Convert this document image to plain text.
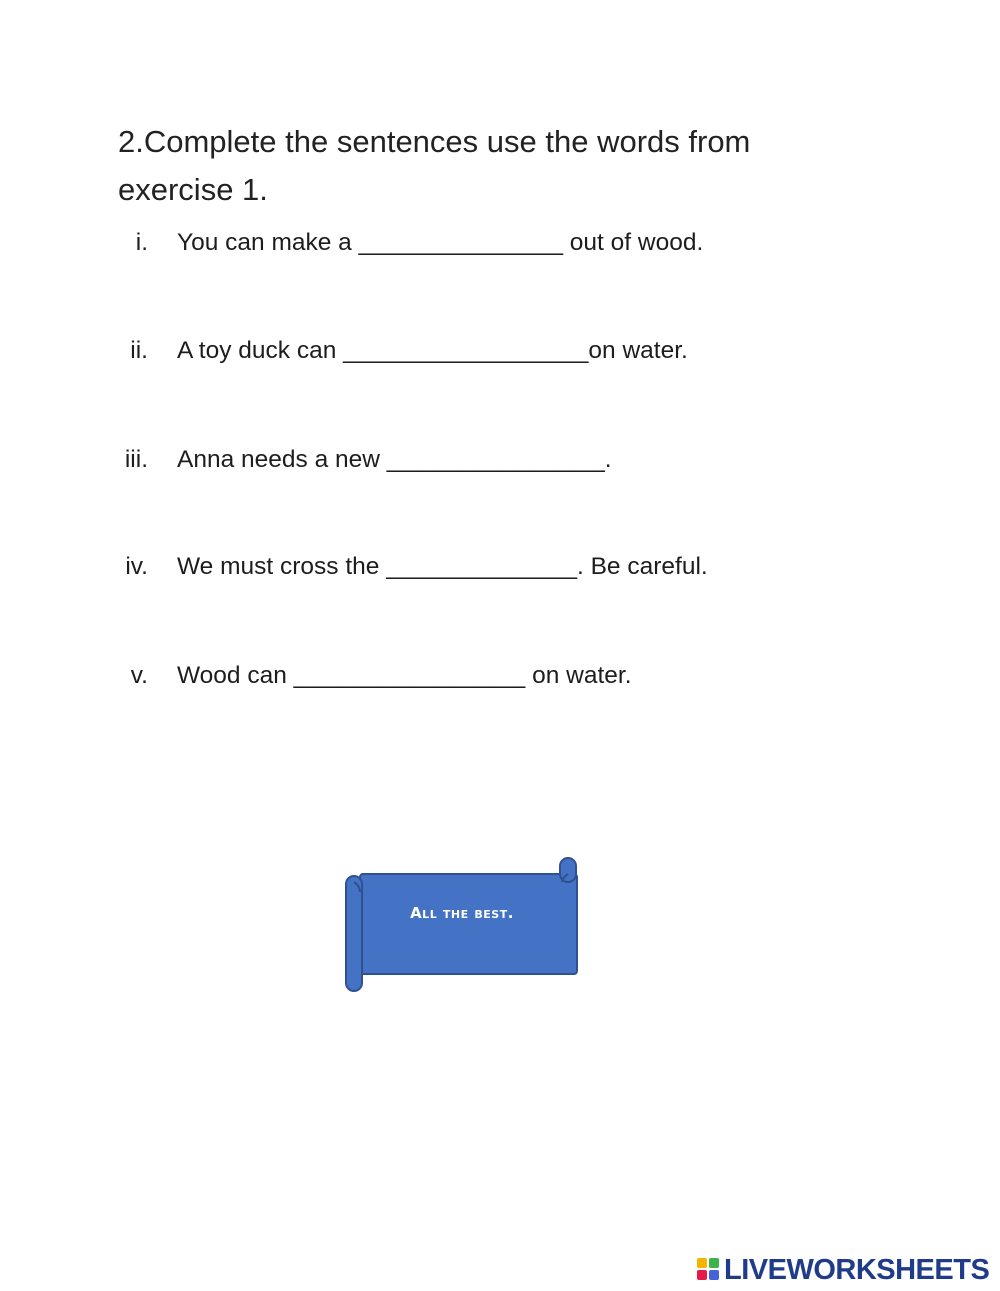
2.Complete the sentences use the words from
exercise 1.
i. You can make a _______________ out of wood.
ii. A toy duck can __________________on water.
iii. Anna needs a new ________________.
iv. We must cross the ______________. Be careful.
v. Wood can _________________ on water.
All the best.
LIVEWORKSHEETS
